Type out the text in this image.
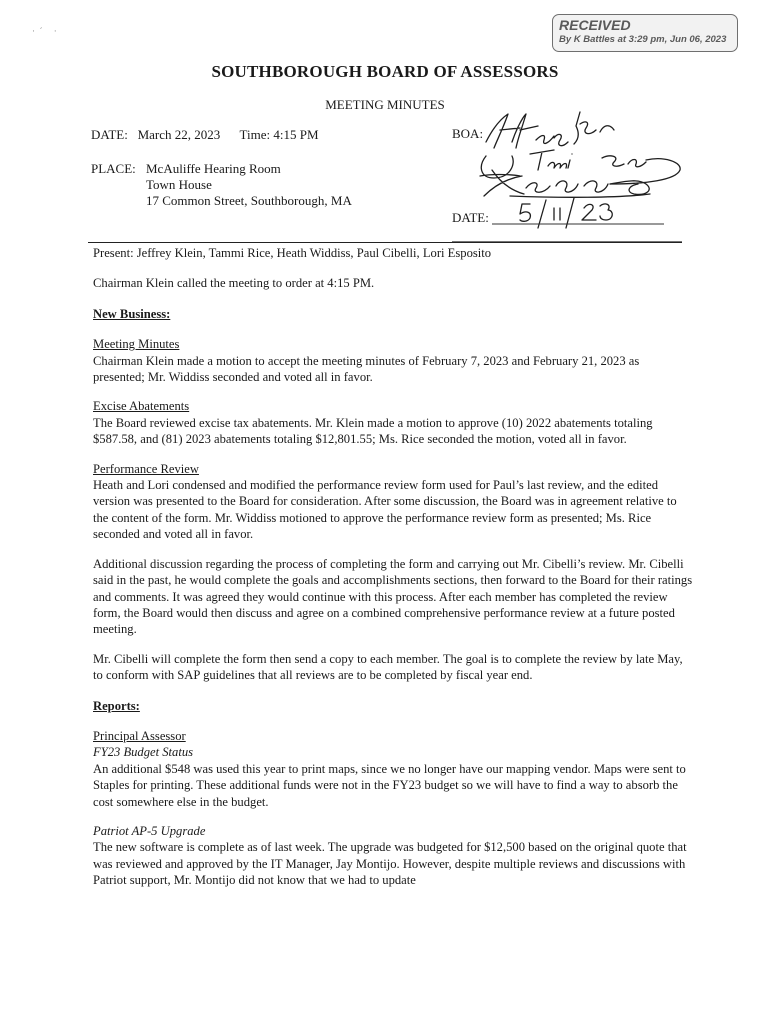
·  ˊ     ·	RECEIVED
By K Battles at 3:29 pm, Jun 06, 2023
SOUTHBOROUGH BOARD OF ASSESSORS
MEETING MINUTES
DATE: March 22, 2023 Time: 4:15 PM
PLACE: McAuliffe Hearing Room
Town House
17 Common Street, Southborough, MA
BOA:
DATE:

Present: Jeffrey Klein, Tammi Rice, Heath Widdiss, Paul Cibelli, Lori Esposito

Chairman Klein called the meeting to order at 4:15 PM.

New Business:

Meeting Minutes

Chairman Klein made a motion to accept the meeting minutes of February 7, 2023 and February 21, 2023 as presented; Mr. Widdiss seconded and voted all in favor.

Excise Abatements

The Board reviewed excise tax abatements. Mr. Klein made a motion to approve (10) 2022 abatements totaling $587.58, and (81) 2023 abatements totaling $12,801.55; Ms. Rice seconded the motion, voted all in favor.

Performance Review

Heath and Lori condensed and modified the performance review form used for Paul’s last review, and the edited version was presented to the Board for consideration. After some discussion, the Board was in agreement relative to the content of the form. Mr. Widdiss motioned to approve the performance review form as presented; Ms. Rice seconded and voted all in favor.

Additional discussion regarding the process of completing the form and carrying out Mr. Cibelli’s review. Mr. Cibelli said in the past, he would complete the goals and accomplishments sections, then forward to the Board for their ratings and comments. It was agreed they would continue with this process. After each member has completed the review form, the Board would then discuss and agree on a combined comprehensive performance review at a future posted meeting.

Mr. Cibelli will complete the form then send a copy to each member. The goal is to complete the review by late May, to conform with SAP guidelines that all reviews are to be completed by fiscal year end.

Reports:

Principal Assessor

FY23 Budget Status

An additional $548 was used this year to print maps, since we no longer have our mapping vendor. Maps were sent to Staples for printing. These additional funds were not in the FY23 budget so we will have to find a way to absorb the cost somewhere else in the budget.

Patriot AP-5 Upgrade

The new software is complete as of last week. The upgrade was budgeted for $12,500 based on the original quote that was reviewed and approved by the IT Manager, Jay Montijo. However, despite multiple reviews and discussions with Patriot support, Mr. Montijo did not know that we had to update
